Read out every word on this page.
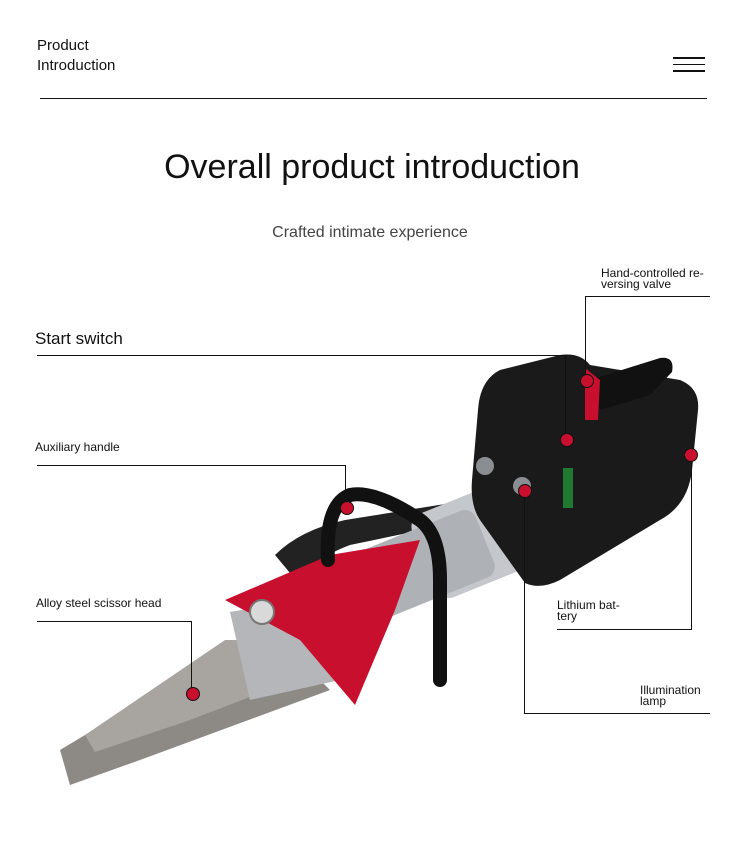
Product
Introduction
Overall product introduction
Crafted intimate experience
Start switch
Auxiliary handle
Alloy steel scissor head
Hand-controlled re-
versing valve
Lithium bat-
tery
Illumination
lamp
